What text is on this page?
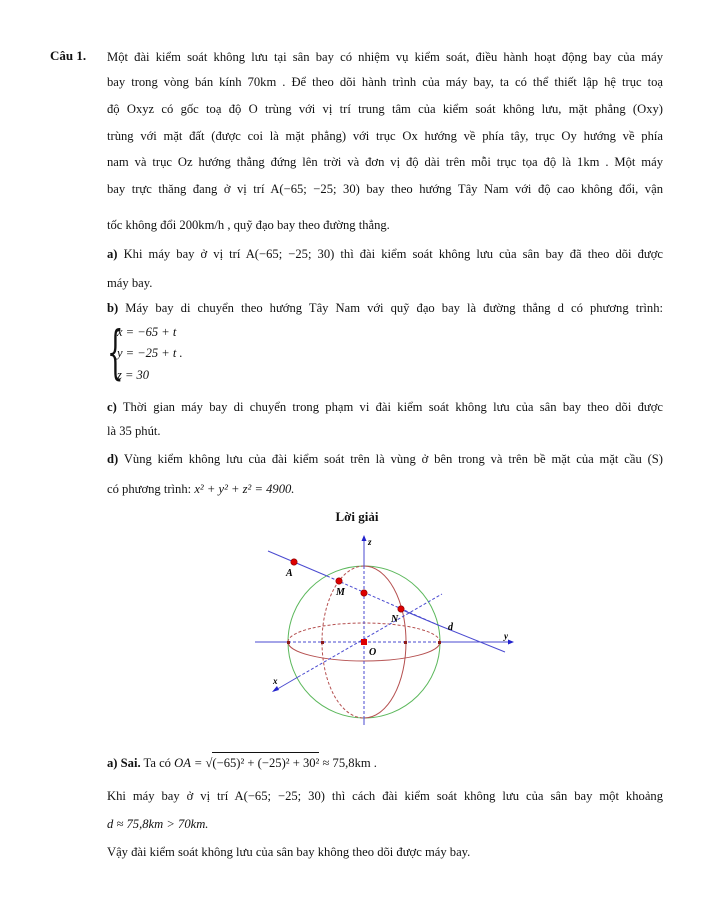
Câu 1. Một đài kiểm soát không lưu tại sân bay có nhiệm vụ kiểm soát, điều hành hoạt động bay của máy
bay trong vòng bán kính 70km . Để theo dõi hành trình của máy bay, ta có thể thiết lập hệ trục toạ
độ Oxyz có gốc toạ độ O trùng với vị trí trung tâm của kiểm soát không lưu, mặt phẳng (Oxy)
trùng với mặt đất (được coi là mặt phẳng) với trục Ox hướng về phía tây, trục Oy hướng về phía
nam và trục Oz hướng thẳng đứng lên trời và đơn vị độ dài trên mỗi trục tọa độ là 1km . Một máy
bay trực thăng đang ở vị trí A(−65; −25; 30) bay theo hướng Tây Nam với độ cao không đổi, vận
tốc không đổi 200km/h , quỹ đạo bay theo đường thẳng.
a) Khi máy bay ở vị trí A(−65; −25; 30) thì đài kiểm soát không lưu của sân bay đã theo dõi được
máy bay.
b) Máy bay di chuyển theo hướng Tây Nam với quỹ đạo bay là đường thẳng d có phương trình:
{
x = −65 + t
y = −25 + t .
z = 30
c) Thời gian máy bay di chuyển trong phạm vi đài kiểm soát không lưu của sân bay theo dõi được
là 35 phút.
d) Vùng kiểm không lưu của đài kiểm soát trên là vùng ở bên trong và trên bề mặt của mặt cầu (S)
có phương trình: x² + y² + z² = 4900.
Lời giải
A
M
N
O
d
x
y
z
a) Sai. Ta có OA = √(−65)² + (−25)² + 30² ≈ 75,8km .
Khi máy bay ở vị trí A(−65; −25; 30) thì cách đài kiểm soát không lưu của sân bay một khoảng
d ≈ 75,8km > 70km.
Vậy đài kiểm soát không lưu của sân bay không theo dõi được máy bay.
